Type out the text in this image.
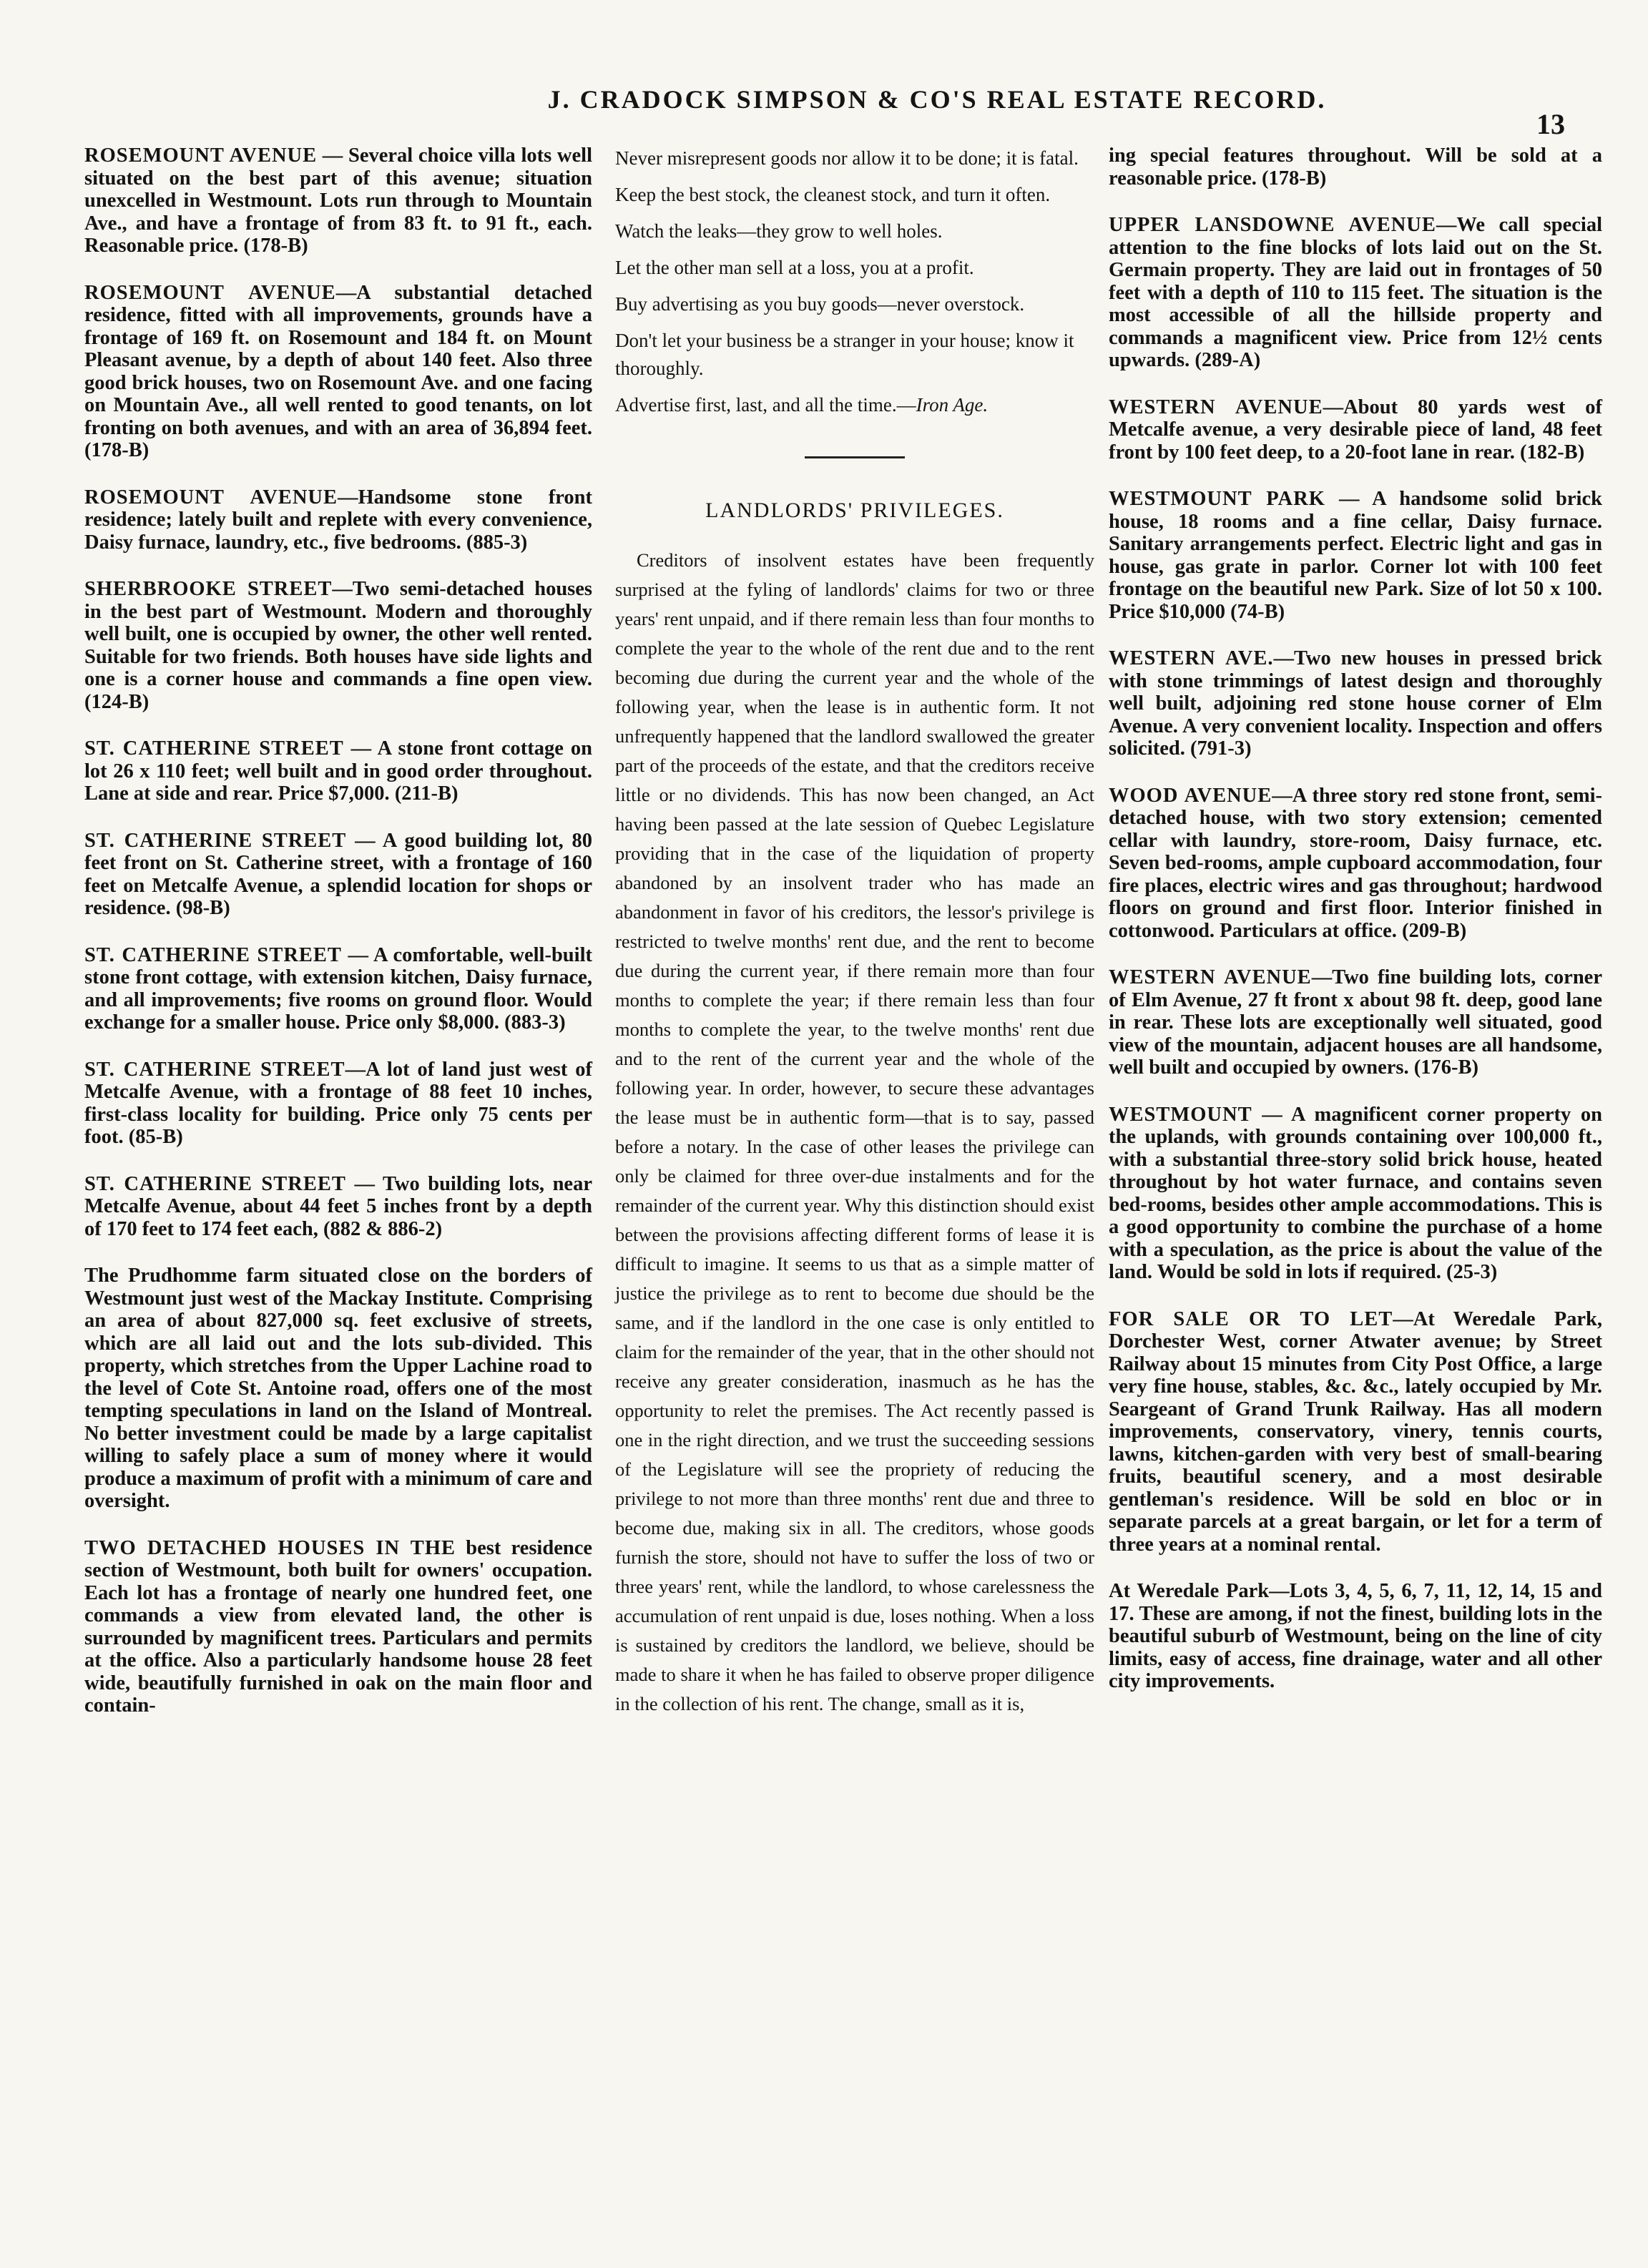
J. CRADOCK SIMPSON & CO'S REAL ESTATE RECORD.
13
ROSEMOUNT AVENUE — Several choice villa lots well situated on the best part of this avenue; situation unexcelled in Westmount. Lots run through to Mountain Ave., and have a frontage of from 83 ft. to 91 ft., each. Reasonable price. (178-B)
ROSEMOUNT AVENUE—A substantial detached residence, fitted with all improvements, grounds have a frontage of 169 ft. on Rosemount and 184 ft. on Mount Pleasant avenue, by a depth of about 140 feet. Also three good brick houses, two on Rosemount Ave. and one facing on Mountain Ave., all well rented to good tenants, on lot fronting on both avenues, and with an area of 36,894 feet. (178-B)
ROSEMOUNT AVENUE—Handsome stone front residence; lately built and replete with every convenience, Daisy furnace, laundry, etc., five bedrooms. (885-3)
SHERBROOKE STREET—Two semi-detached houses in the best part of Westmount. Modern and thoroughly well built, one is occupied by owner, the other well rented. Suitable for two friends. Both houses have side lights and one is a corner house and commands a fine open view. (124-B)
ST. CATHERINE STREET — A stone front cottage on lot 26 x 110 feet; well built and in good order throughout. Lane at side and rear. Price $7,000. (211-B)
ST. CATHERINE STREET — A good building lot, 80 feet front on St. Catherine street, with a frontage of 160 feet on Metcalfe Avenue, a splendid location for shops or residence. (98-B)
ST. CATHERINE STREET — A comfortable, well-built stone front cottage, with extension kitchen, Daisy furnace, and all improvements; five rooms on ground floor. Would exchange for a smaller house. Price only $8,000. (883-3)
ST. CATHERINE STREET—A lot of land just west of Metcalfe Avenue, with a frontage of 88 feet 10 inches, first-class locality for building. Price only 75 cents per foot. (85-B)
ST. CATHERINE STREET — Two building lots, near Metcalfe Avenue, about 44 feet 5 inches front by a depth of 170 feet to 174 feet each, (882 & 886-2)
The Prudhomme farm situated close on the borders of Westmount just west of the Mackay Institute. Comprising an area of about 827,000 sq. feet exclusive of streets, which are all laid out and the lots sub-divided. This property, which stretches from the Upper Lachine road to the level of Cote St. Antoine road, offers one of the most tempting speculations in land on the Island of Montreal. No better investment could be made by a large capitalist willing to safely place a sum of money where it would produce a maximum of profit with a minimum of care and oversight.
TWO DETACHED HOUSES IN THE best residence section of Westmount, both built for owners' occupation. Each lot has a frontage of nearly one hundred feet, one commands a view from elevated land, the other is surrounded by magnificent trees. Particulars and permits at the office. Also a particularly handsome house 28 feet wide, beautifully furnished in oak on the main floor and contain-

Never misrepresent goods nor allow it to be done; it is fatal.

Keep the best stock, the cleanest stock, and turn it often.

Watch the leaks—they grow to well holes.

Let the other man sell at a loss, you at a profit.

Buy advertising as you buy goods—never overstock.

Don't let your business be a stranger in your house; know it thoroughly.

Advertise first, last, and all the time.—Iron Age.

LANDLORDS' PRIVILEGES.

Creditors of insolvent estates have been frequently surprised at the fyling of landlords' claims for two or three years' rent unpaid, and if there remain less than four months to complete the year to the whole of the rent due and to the rent becoming due during the current year and the whole of the following year, when the lease is in authentic form. It not unfrequently happened that the landlord swallowed the greater part of the proceeds of the estate, and that the creditors receive little or no dividends. This has now been changed, an Act having been passed at the late session of Quebec Legislature providing that in the case of the liquidation of property abandoned by an insolvent trader who has made an abandonment in favor of his creditors, the lessor's privilege is restricted to twelve months' rent due, and the rent to become due during the current year, if there remain more than four months to complete the year; if there remain less than four months to complete the year, to the twelve months' rent due and to the rent of the current year and the whole of the following year. In order, however, to secure these advantages the lease must be in authentic form—that is to say, passed before a notary. In the case of other leases the privilege can only be claimed for three over-due instalments and for the remainder of the current year. Why this distinction should exist between the provisions affecting different forms of lease it is difficult to imagine. It seems to us that as a simple matter of justice the privilege as to rent to become due should be the same, and if the landlord in the one case is only entitled to claim for the remainder of the year, that in the other should not receive any greater consideration, inasmuch as he has the opportunity to relet the premises. The Act recently passed is one in the right direction, and we trust the succeeding sessions of the Legislature will see the propriety of reducing the privilege to not more than three months' rent due and three to become due, making six in all. The creditors, whose goods furnish the store, should not have to suffer the loss of two or three years' rent, while the landlord, to whose carelessness the accumulation of rent unpaid is due, loses nothing. When a loss is sustained by creditors the landlord, we believe, should be made to share it when he has failed to observe proper diligence in the collection of his rent. The change, small as it is,

ing special features throughout. Will be sold at a reasonable price. (178-B)
UPPER LANSDOWNE AVENUE—We call special attention to the fine blocks of lots laid out on the St. Germain property. They are laid out in frontages of 50 feet with a depth of 110 to 115 feet. The situation is the most accessible of all the hillside property and commands a magnificent view. Price from 12½ cents upwards. (289-A)
WESTERN AVENUE—About 80 yards west of Metcalfe avenue, a very desirable piece of land, 48 feet front by 100 feet deep, to a 20-foot lane in rear. (182-B)
WESTMOUNT PARK — A handsome solid brick house, 18 rooms and a fine cellar, Daisy furnace. Sanitary arrangements perfect. Electric light and gas in house, gas grate in parlor. Corner lot with 100 feet frontage on the beautiful new Park. Size of lot 50 x 100. Price $10,000 (74-B)
WESTERN AVE.—Two new houses in pressed brick with stone trimmings of latest design and thoroughly well built, adjoining red stone house corner of Elm Avenue. A very convenient locality. Inspection and offers solicited. (791-3)
WOOD AVENUE—A three story red stone front, semi-detached house, with two story extension; cemented cellar with laundry, store-room, Daisy furnace, etc. Seven bed-rooms, ample cupboard accommodation, four fire places, electric wires and gas throughout; hardwood floors on ground and first floor. Interior finished in cottonwood. Particulars at office. (209-B)
WESTERN AVENUE—Two fine building lots, corner of Elm Avenue, 27 ft front x about 98 ft. deep, good lane in rear. These lots are exceptionally well situated, good view of the mountain, adjacent houses are all handsome, well built and occupied by owners. (176-B)
WESTMOUNT — A magnificent corner property on the uplands, with grounds containing over 100,000 ft., with a substantial three-story solid brick house, heated throughout by hot water furnace, and contains seven bed-rooms, besides other ample accommodations. This is a good opportunity to combine the purchase of a home with a speculation, as the price is about the value of the land. Would be sold in lots if required. (25-3)
FOR SALE OR TO LET—At Weredale Park, Dorchester West, corner Atwater avenue; by Street Railway about 15 minutes from City Post Office, a large very fine house, stables, &c. &c., lately occupied by Mr. Seargeant of Grand Trunk Railway. Has all modern improvements, conservatory, vinery, tennis courts, lawns, kitchen-garden with very best of small-bearing fruits, beautiful scenery, and a most desirable gentleman's residence. Will be sold en bloc or in separate parcels at a great bargain, or let for a term of three years at a nominal rental.
At Weredale Park—Lots 3, 4, 5, 6, 7, 11, 12, 14, 15 and 17. These are among, if not the finest, building lots in the beautiful suburb of Westmount, being on the line of city limits, easy of access, fine drainage, water and all other city improvements.
